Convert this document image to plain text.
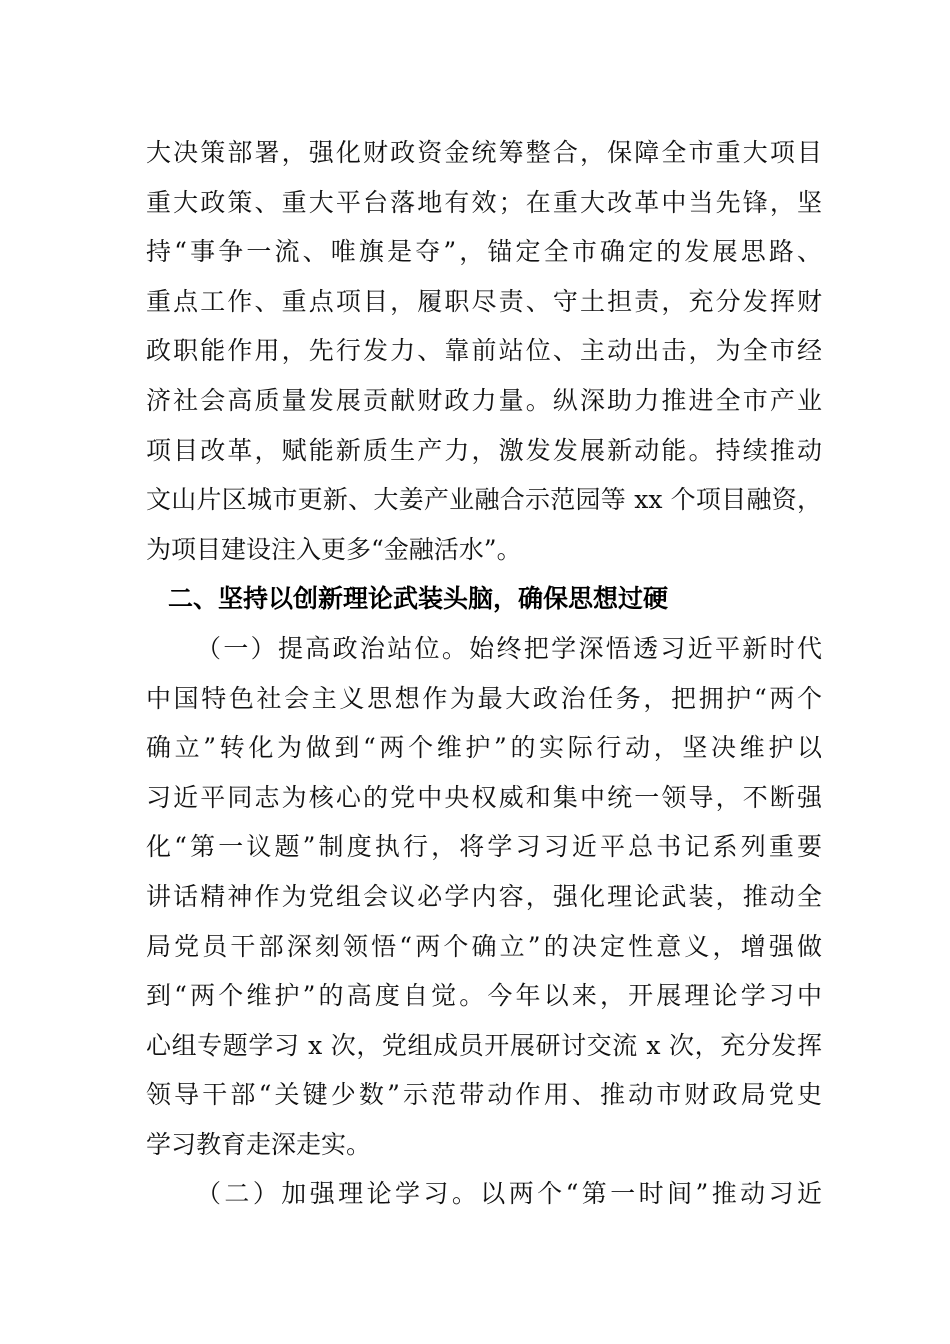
大决策部署，强化财政资金统筹整合，保障全市重大项目
重大政策、重大平台落地有效；在重大改革中当先锋，坚
持“事争一流、唯旗是夺”，锚定全市确定的发展思路、
重点工作、重点项目，履职尽责、守土担责，充分发挥财
政职能作用，先行发力、靠前站位、主动出击，为全市经
济社会高质量发展贡献财政力量。纵深助力推进全市产业
项目改革，赋能新质生产力，激发发展新动能。持续推动
文山片区城市更新、大姜产业融合示范园等 xx 个项目融资，
为项目建设注入更多“金融活水”。
二、坚持以创新理论武装头脑，确保思想过硬
（一）提高政治站位。始终把学深悟透习近平新时代
中国特色社会主义思想作为最大政治任务，把拥护“两个
确立”转化为做到“两个维护”的实际行动，坚决维护以
习近平同志为核心的党中央权威和集中统一领导，不断强
化“第一议题”制度执行，将学习习近平总书记系列重要
讲话精神作为党组会议必学内容，强化理论武装，推动全
局党员干部深刻领悟“两个确立”的决定性意义，增强做
到“两个维护”的高度自觉。今年以来，开展理论学习中
心组专题学习 x 次，党组成员开展研讨交流 x 次，充分发挥
领导干部“关键少数”示范带动作用、推动市财政局党史
学习教育走深走实。
（二）加强理论学习。以两个“第一时间”推动习近
